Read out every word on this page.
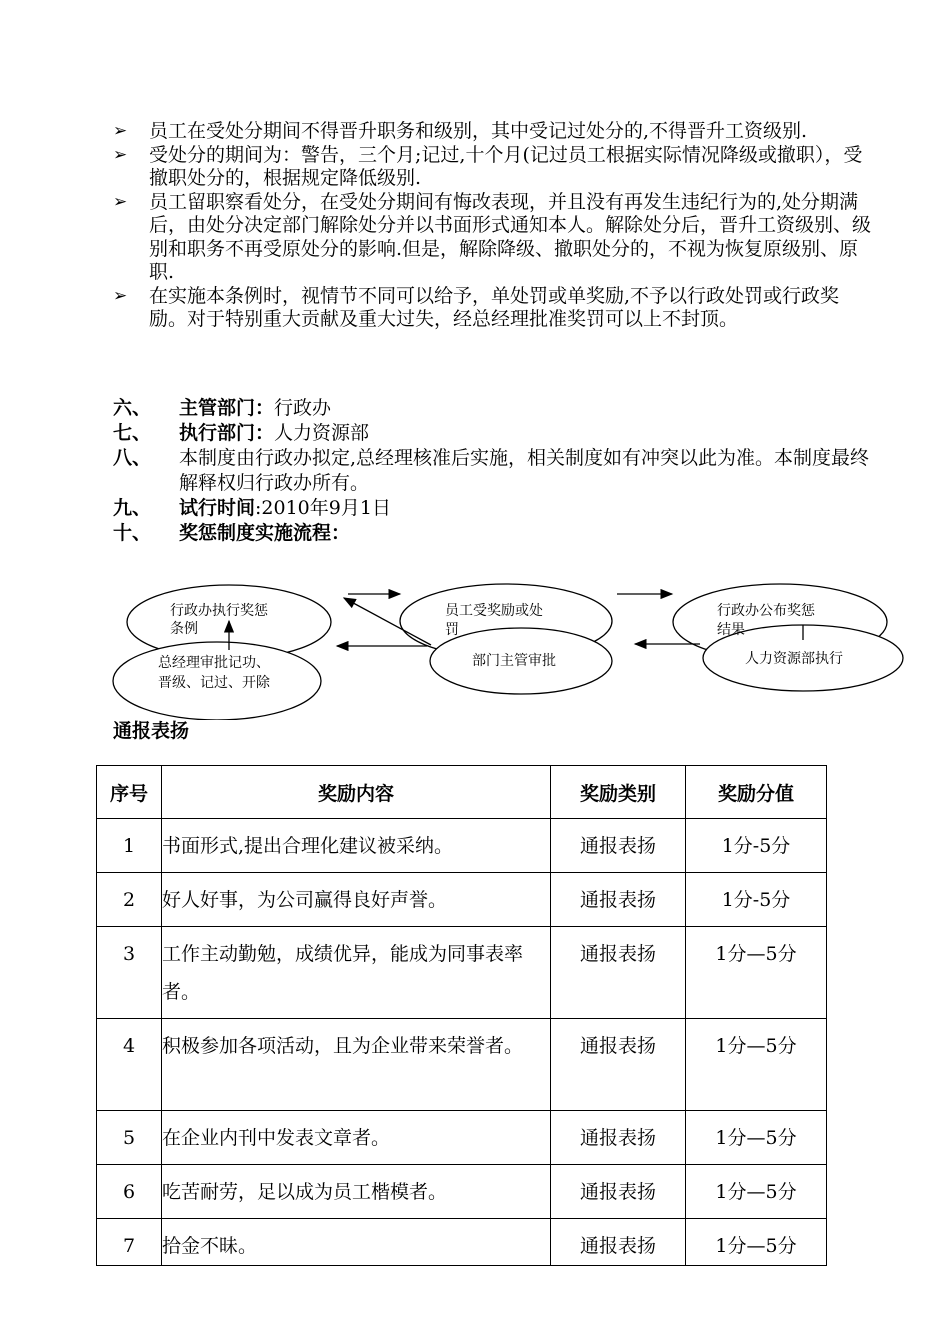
➢ 员工在受处分期间不得晋升职务和级别，其中受记过处分的,不得晋升工资级别.

➢ 受处分的期间为：警告，三个月;记过,十个月(记过员工根据实际情况降级或撤职），受撤职处分的，根据规定降低级别.

➢ 员工留职察看处分，在受处分期间有悔改表现，并且没有再发生违纪行为的,处分期满后，由处分决定部门解除处分并以书面形式通知本人。解除处分后，晋升工资级别、级别和职务不再受原处分的影响.但是，解除降级、撤职处分的，不视为恢复原级别、原职.

➢ 在实施本条例时，视情节不同可以给予，单处罚或单奖励,不予以行政处罚或行政奖励。对于特别重大贡献及重大过失，经总经理批准奖罚可以上不封顶。

六、 主管部门：行政办
七、 执行部门：人力资源部
八、 本制度由行政办拟定,总经理核准后实施，相关制度如有冲突以此为准。本制度最终解释权归行政办所有。
九、 试行时间:2010年9月1日
十、 奖惩制度实施流程：
行政办执行奖惩
条例
员工受奖励或处
罚
行政办公布奖惩
结果
总经理审批记功、
晋级、记过、开除
部门主管审批	人力资源部执行
通报表扬
序号	奖励内容	奖励类别	奖励分值
1	书面形式,提出合理化建议被采纳。	通报表扬	1分-5分
2	好人好事，为公司赢得良好声誉。	通报表扬	1分-5分
3	工作主动勤勉，成绩优异，能成为同事表率者。	通报表扬	1分—5分
4	积极参加各项活动，且为企业带来荣誉者。	通报表扬	1分—5分
5	在企业内刊中发表文章者。	通报表扬	1分—5分
6	吃苦耐劳，足以成为员工楷模者。	通报表扬	1分—5分
7	拾金不昧。	通报表扬	1分—5分
